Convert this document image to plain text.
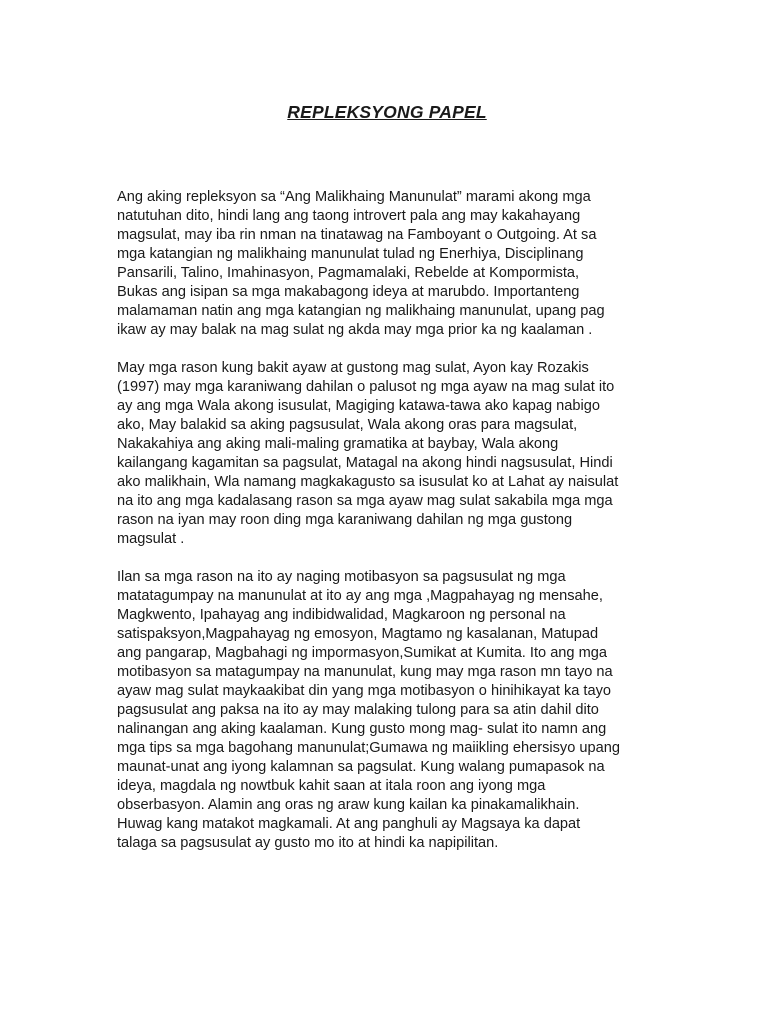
REPLEKSYONG PAPEL

Ang aking repleksyon sa “Ang Malikhaing Manunulat” marami akong mga
natutuhan dito, hindi lang ang taong introvert pala ang may kakahayang
magsulat, may iba rin nman na tinatawag na Famboyant o Outgoing. At sa
mga katangian ng malikhaing manunulat tulad ng Enerhiya, Disciplinang
Pansarili, Talino, Imahinasyon, Pagmamalaki, Rebelde at Kompormista,
Bukas ang isipan sa mga makabagong ideya at marubdo. Importanteng
malamaman natin ang mga katangian ng malikhaing manunulat, upang pag
ikaw ay may balak na mag sulat ng akda may mga prior ka ng kaalaman .

May mga rason kung bakit ayaw at gustong mag sulat, Ayon kay Rozakis
(1997) may mga karaniwang dahilan o palusot ng mga ayaw na mag sulat ito
ay ang mga Wala akong isusulat, Magiging katawa-tawa ako kapag nabigo
ako, May balakid sa aking pagsusulat, Wala akong oras para magsulat,
Nakakahiya ang aking mali-maling gramatika at baybay, Wala akong
kailangang kagamitan sa pagsulat, Matagal na akong hindi nagsusulat, Hindi
ako malikhain, Wla namang magkakagusto sa isusulat ko at Lahat ay naisulat
na ito ang mga kadalasang rason sa mga ayaw mag sulat sakabila mga mga
rason na iyan may roon ding mga karaniwang dahilan ng mga gustong
magsulat .

Ilan sa mga rason na ito ay naging motibasyon sa pagsusulat ng mga
matatagumpay na manunulat at ito ay ang mga ,Magpahayag ng mensahe,
Magkwento, Ipahayag ang indibidwalidad, Magkaroon ng personal na
satispaksyon,Magpahayag ng emosyon, Magtamo ng kasalanan, Matupad
ang pangarap, Magbahagi ng impormasyon,Sumikat at Kumita. Ito ang mga
motibasyon sa matagumpay na manunulat, kung may mga rason mn tayo na
ayaw mag sulat maykaakibat din yang mga motibasyon o hinihikayat ka tayo
pagsusulat ang paksa na ito ay may malaking tulong para sa atin dahil dito
nalinangan ang aking kaalaman. Kung gusto mong mag- sulat ito namn ang
mga tips sa mga bagohang manunulat;Gumawa ng maiikling ehersisyo upang
maunat-unat ang iyong kalamnan sa pagsulat. Kung walang pumapasok na
ideya, magdala ng nowtbuk kahit saan at itala roon ang iyong mga
obserbasyon. Alamin ang oras ng araw kung kailan ka pinakamalikhain.
Huwag kang matakot magkamali. At ang panghuli ay Magsaya ka dapat
talaga sa pagsusulat ay gusto mo ito at hindi ka napipilitan.
